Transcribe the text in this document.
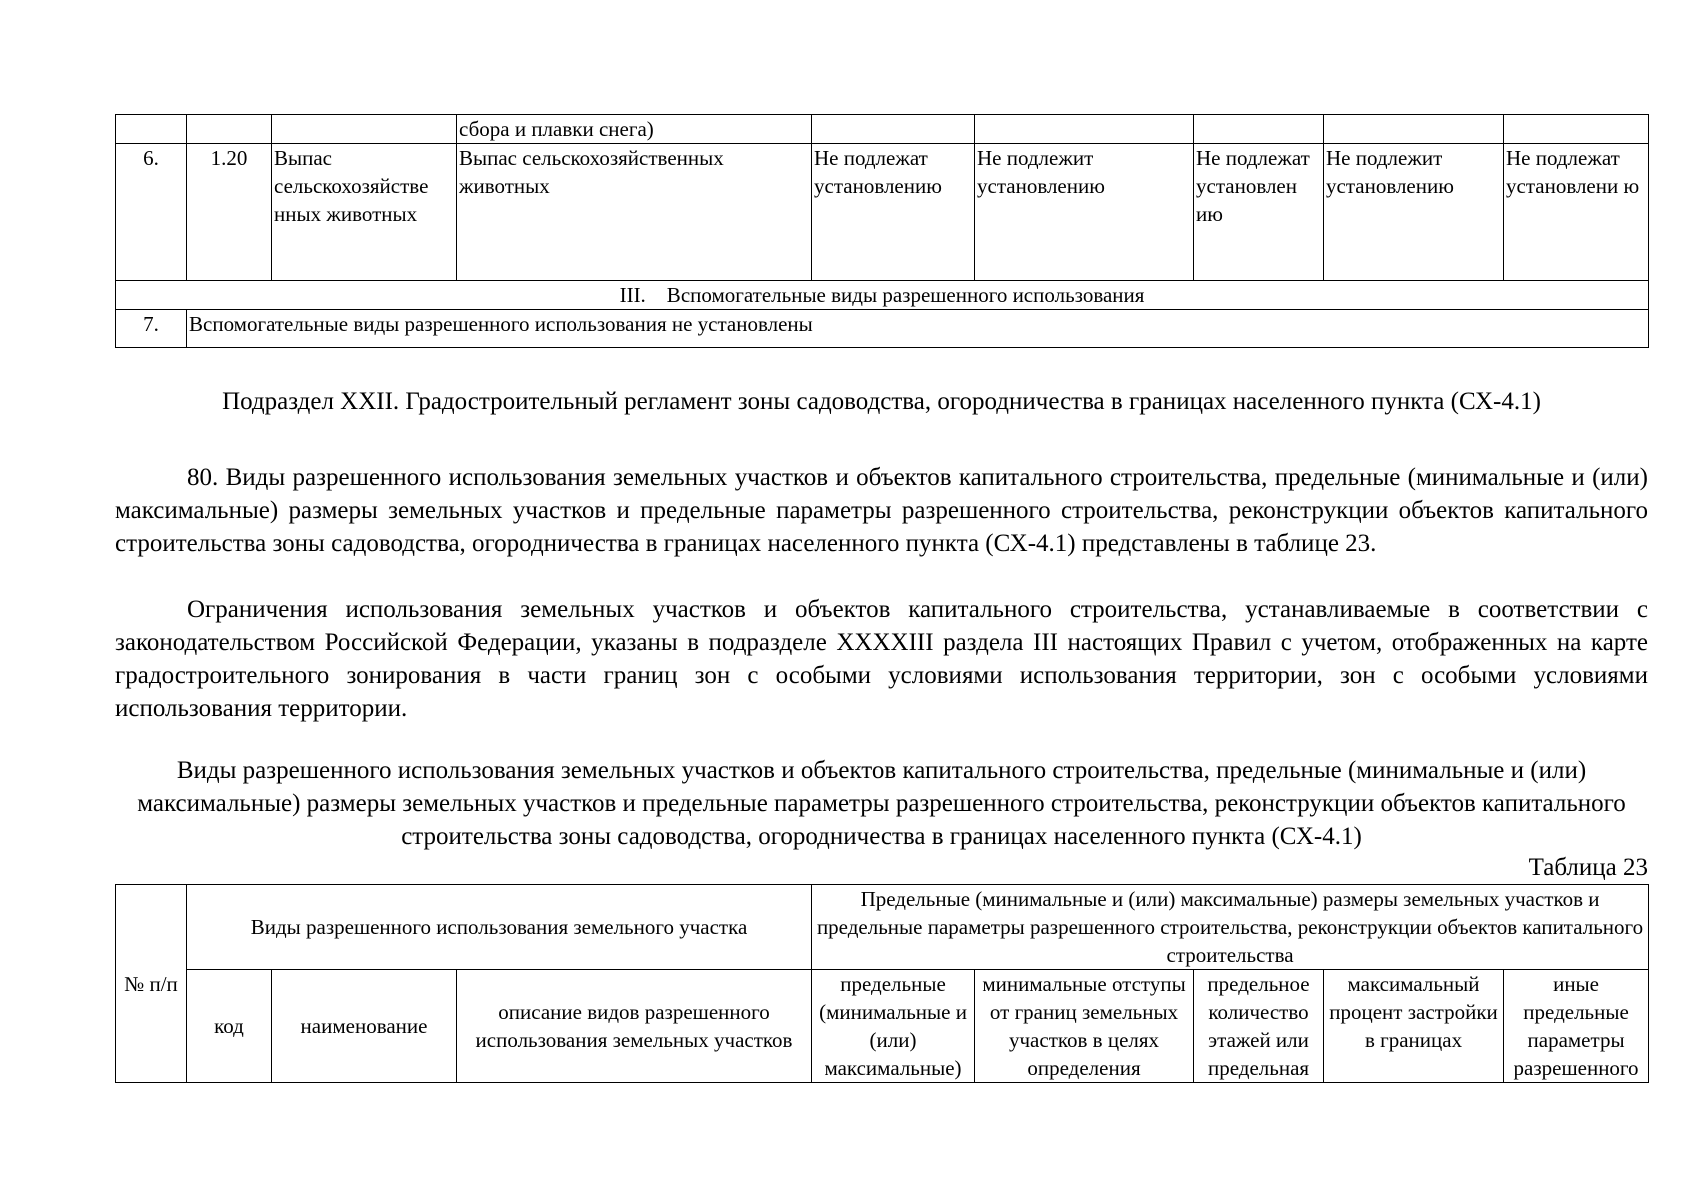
			сбора и плавки снега)					
6.	1.20	Выпас сельскохозяйстве нных животных	Выпас сельскохозяйственных животных	Не подлежат установлению	Не подлежит установлению	Не подлежат установлен ию	Не подлежит установлению	Не подлежат установлени ю
III.    Вспомогательные виды разрешенного использования								
7.	Вспомогательные виды разрешенного использования не установлены							
Подраздел XXII. Градостроительный регламент зоны садоводства, огородничества в границах населенного пункта (СХ-4.1)

80. Виды разрешенного использования земельных участков и объектов капитального строительства, предельные (минимальные и (или) максимальные) размеры земельных участков и предельные параметры разрешенного строительства, реконструкции объектов капитального строительства зоны садоводства, огородничества в границах населенного пункта (СХ-4.1) представлены в таблице 23.

Ограничения использования земельных участков и объектов капитального строительства, устанавливаемые в соответствии с законодательством Российской Федерации, указаны в подразделе XXXXIII раздела III настоящих Правил с учетом, отображенных на карте градостроительного зонирования в части границ зон с особыми условиями использования территории, зон с особыми условиями использования территории.

Виды разрешенного использования земельных участков и объектов капитального строительства, предельные (минимальные и (или) максимальные) размеры земельных участков и предельные параметры разрешенного строительства, реконструкции объектов капитального строительства зоны садоводства, огородничества в границах населенного пункта (СХ-4.1)
Таблица 23
№ п/п	Виды разрешенного использования земельного участка			Предельные (минимальные и (или) максимальные) размеры земельных участков и предельные параметры разрешенного строительства, реконструкции объектов капитального строительства				
	код	наименование	описание видов разрешенного использования земельных участков	предельные (минимальные и (или) максимальные)	минимальные отступы от границ земельных участков в целях определения	предельное количество этажей или предельная	максимальный процент застройки в границах	иные предельные параметры разрешенного
